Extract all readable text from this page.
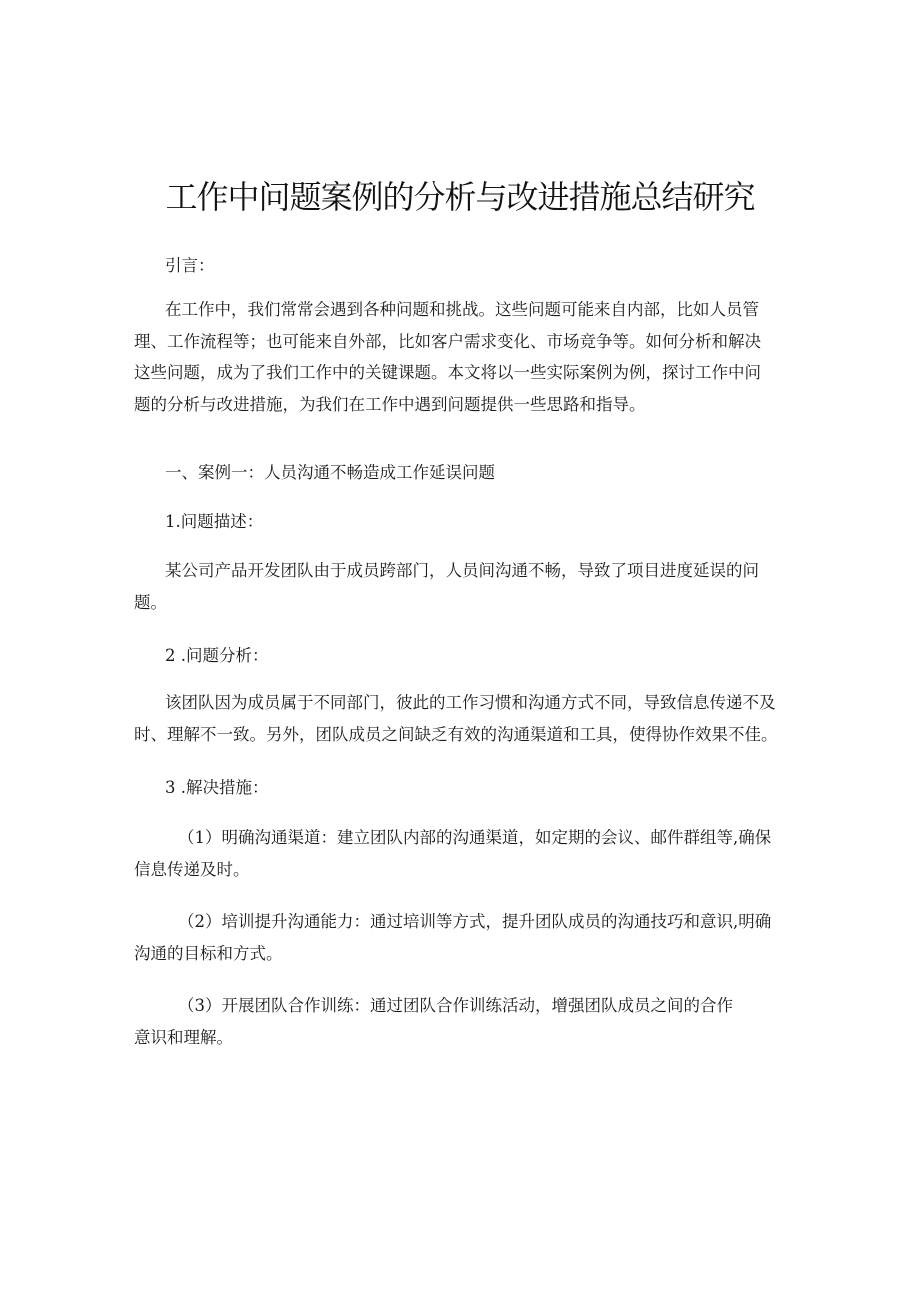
工作中问题案例的分析与改进措施总结研究
引言：
在工作中，我们常常会遇到各种问题和挑战。这些问题可能来自内部，比如人员管
理、工作流程等；也可能来自外部，比如客户需求变化、市场竞争等。如何分析和解决
这些问题，成为了我们工作中的关键课题。本文将以一些实际案例为例，探讨工作中问
题的分析与改进措施，为我们在工作中遇到问题提供一些思路和指导。
一、案例一：人员沟通不畅造成工作延误问题
1.问题描述：
某公司产品开发团队由于成员跨部门，人员间沟通不畅，导致了项目进度延误的问
题。
2 .问题分析：
该团队因为成员属于不同部门，彼此的工作习惯和沟通方式不同，导致信息传递不及
时、理解不一致。另外，团队成员之间缺乏有效的沟通渠道和工具，使得协作效果不佳。
3 .解决措施：
（1）明确沟通渠道：建立团队内部的沟通渠道，如定期的会议、邮件群组等,确保
信息传递及时。
（2）培训提升沟通能力：通过培训等方式，提升团队成员的沟通技巧和意识,明确
沟通的目标和方式。
（3）开展团队合作训练：通过团队合作训练活动，增强团队成员之间的合作
意识和理解。
